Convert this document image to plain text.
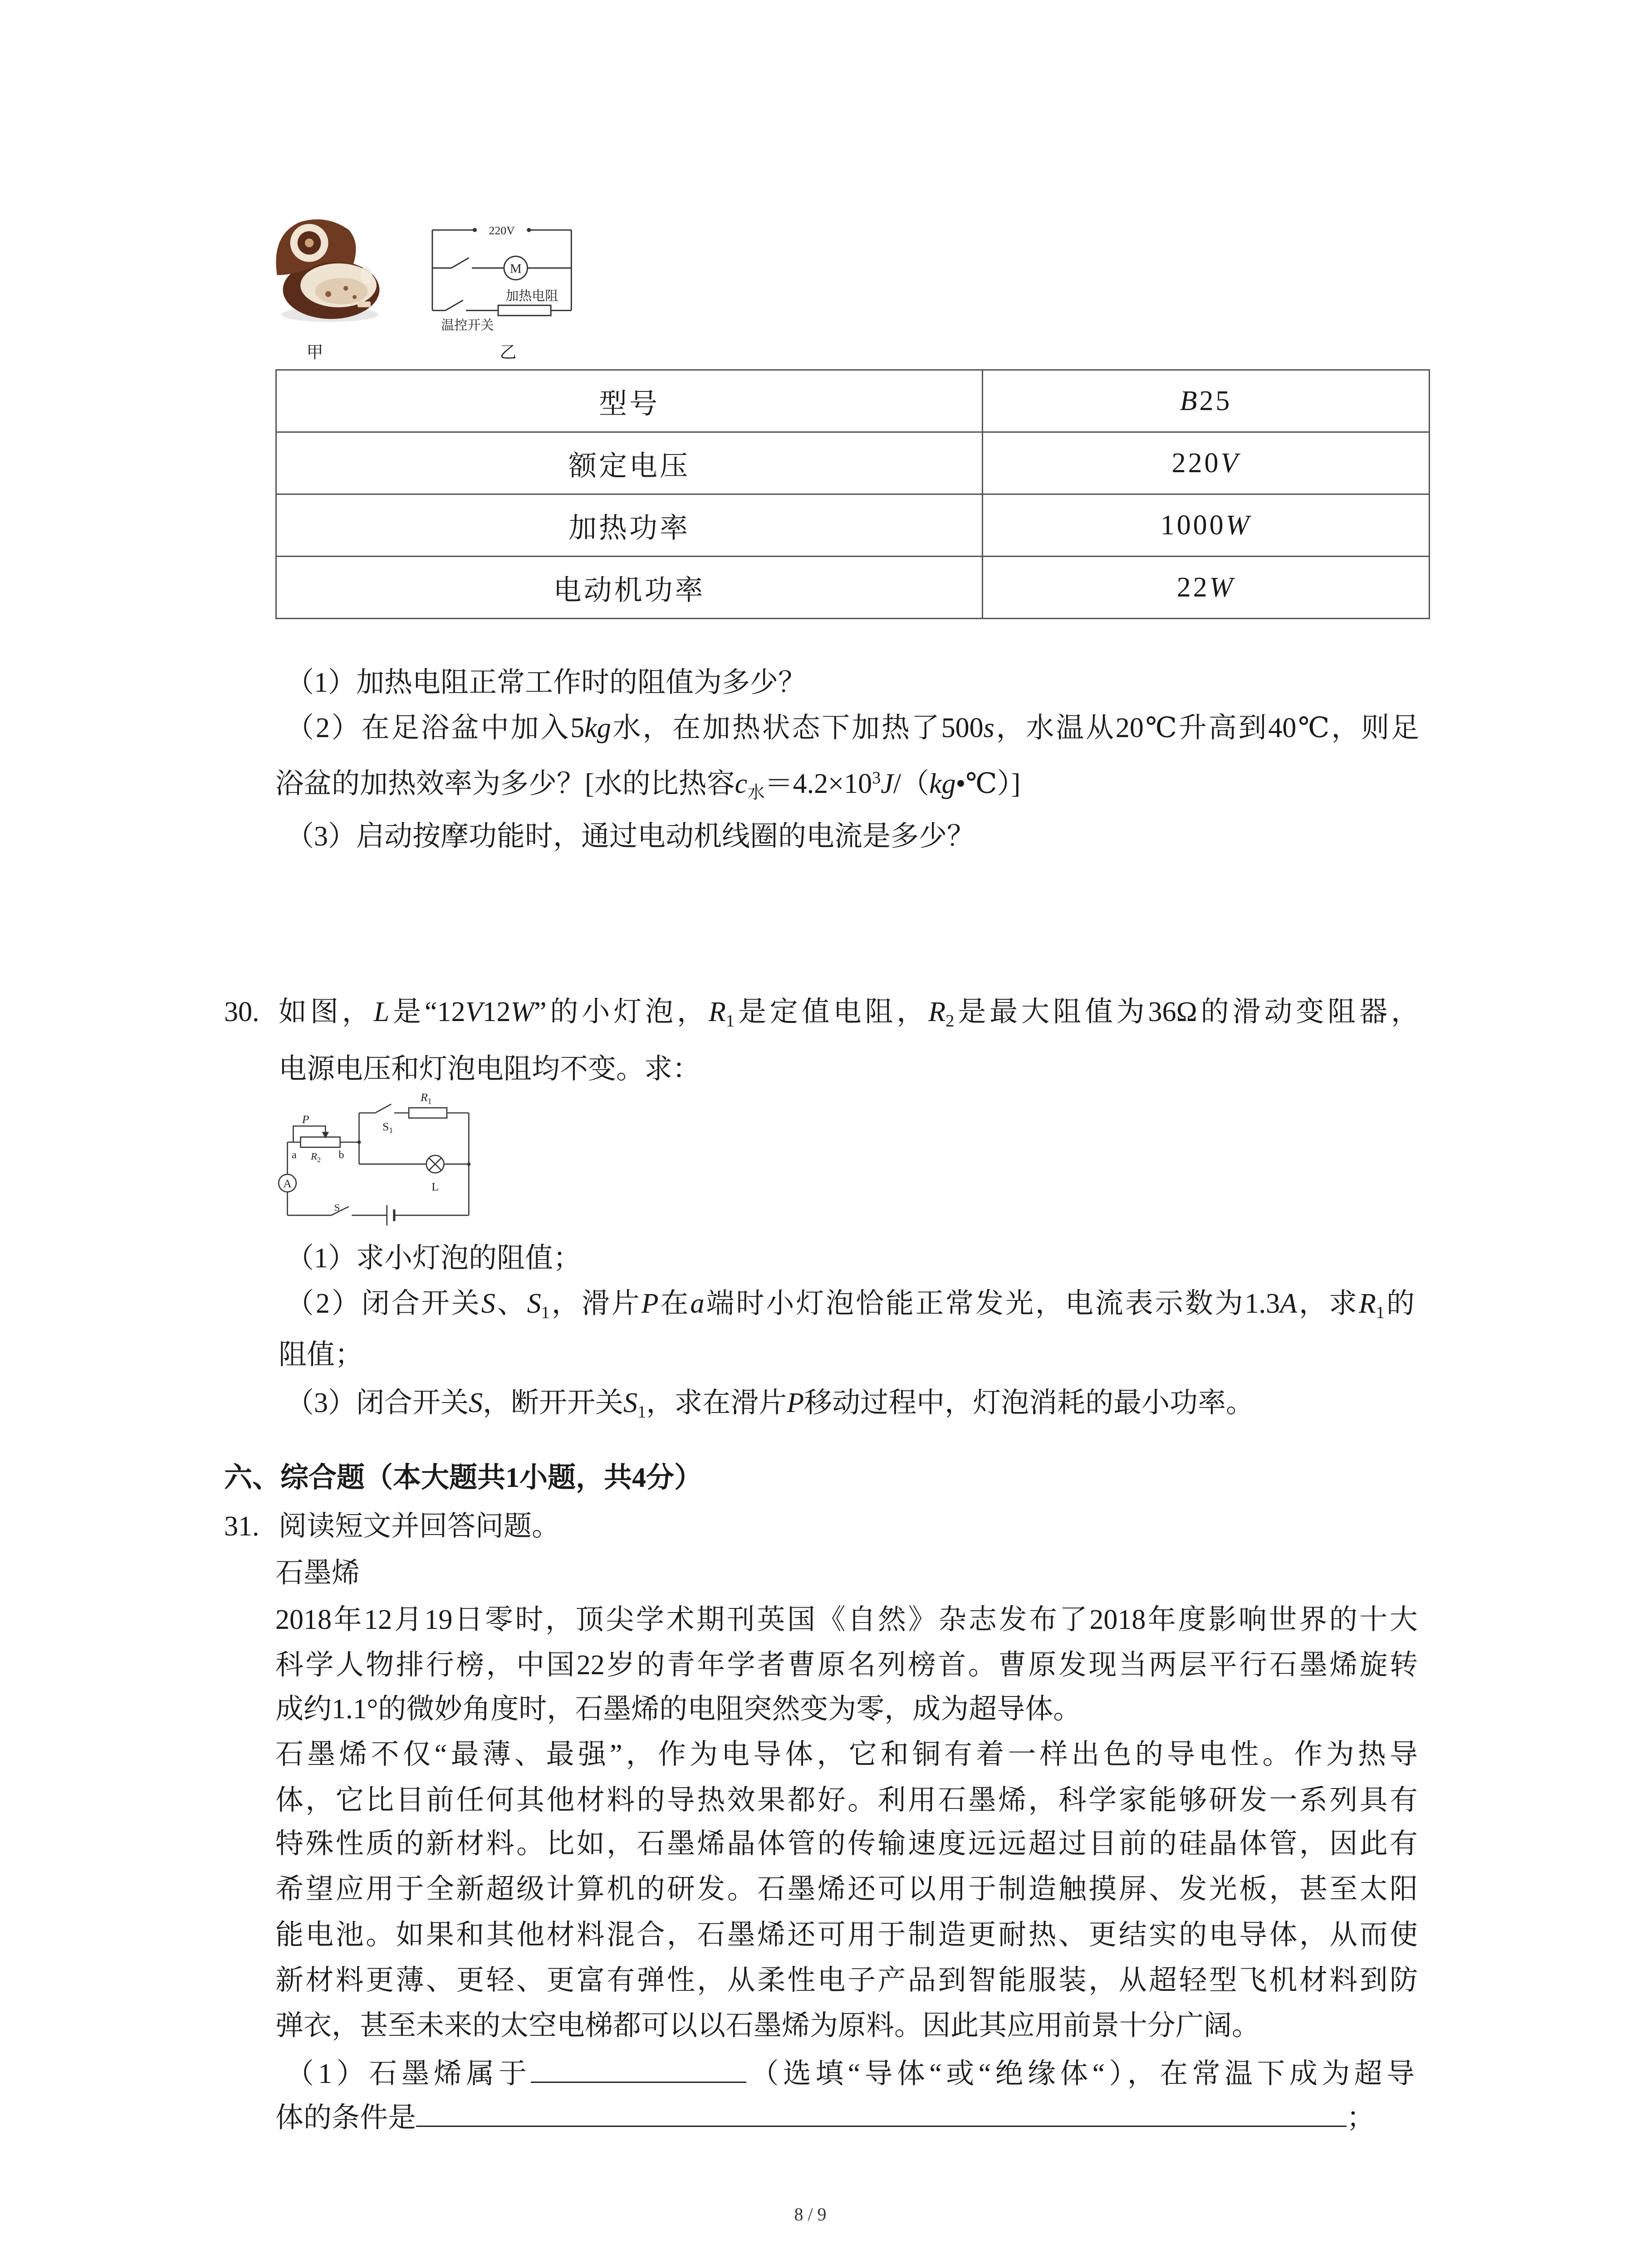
220V
M
加热电阻
温控开关
甲	乙
型号	B25
额定电压	220V
加热功率	1000W
电动机功率	22W
（1）加热电阻正常工作时的阻值为多少？
（2）在足浴盆中加入5kg水，在加热状态下加热了500s，水温从20℃升高到40℃，则足
浴盆的加热效率为多少？[水的比热容c水$=4.2\times 10^3J/(kg•℃)$]
（3）启动按摩功能时，通过电动机线圈的电流是多少？
30. 如图，L是“12V12W”的小灯泡，R1是定值电阻，R2是最大阻值为36Ω的滑动变阻器，
电源电压和灯泡电阻均不变。求：
P
$R_1$
$S_1$
a	$R_2$	b
A	L
S
（1）求小灯泡的阻值；
（2）闭合开关S、S1，滑片P在a端时小灯泡恰能正常发光，电流表示数为1.3A，求R1的
阻值；
（3）闭合开关S，断开开关S1，求在滑片P移动过程中，灯泡消耗的最小功率。
六、综合题（本大题共1小题，共4分）
31. 阅读短文并回答问题。
石墨烯
2018年12月19日零时，顶尖学术期刊英国《自然》杂志发布了2018年度影响世界的十大
科学人物排行榜，中国22岁的青年学者曹原名列榜首。曹原发现当两层平行石墨烯旋转
成约1.1°的微妙角度时，石墨烯的电阻突然变为零，成为超导体。
石墨烯不仅“最薄、最强”，作为电导体，它和铜有着一样出色的导电性。作为热导
体，它比目前任何其他材料的导热效果都好。利用石墨烯，科学家能够研发一系列具有
特殊性质的新材料。比如，石墨烯晶体管的传输速度远远超过目前的硅晶体管，因此有
希望应用于全新超级计算机的研发。石墨烯还可以用于制造触摸屏、发光板，甚至太阳
能电池。如果和其他材料混合，石墨烯还可用于制造更耐热、更结实的电导体，从而使
新材料更薄、更轻、更富有弹性，从柔性电子产品到智能服装，从超轻型飞机材料到防
弹衣，甚至未来的太空电梯都可以以石墨烯为原料。因此其应用前景十分广阔。
（1）石墨烯属于	（选填“导体“或“绝缘体“），在常温下成为超导
体的条件是	；
8 / 9
